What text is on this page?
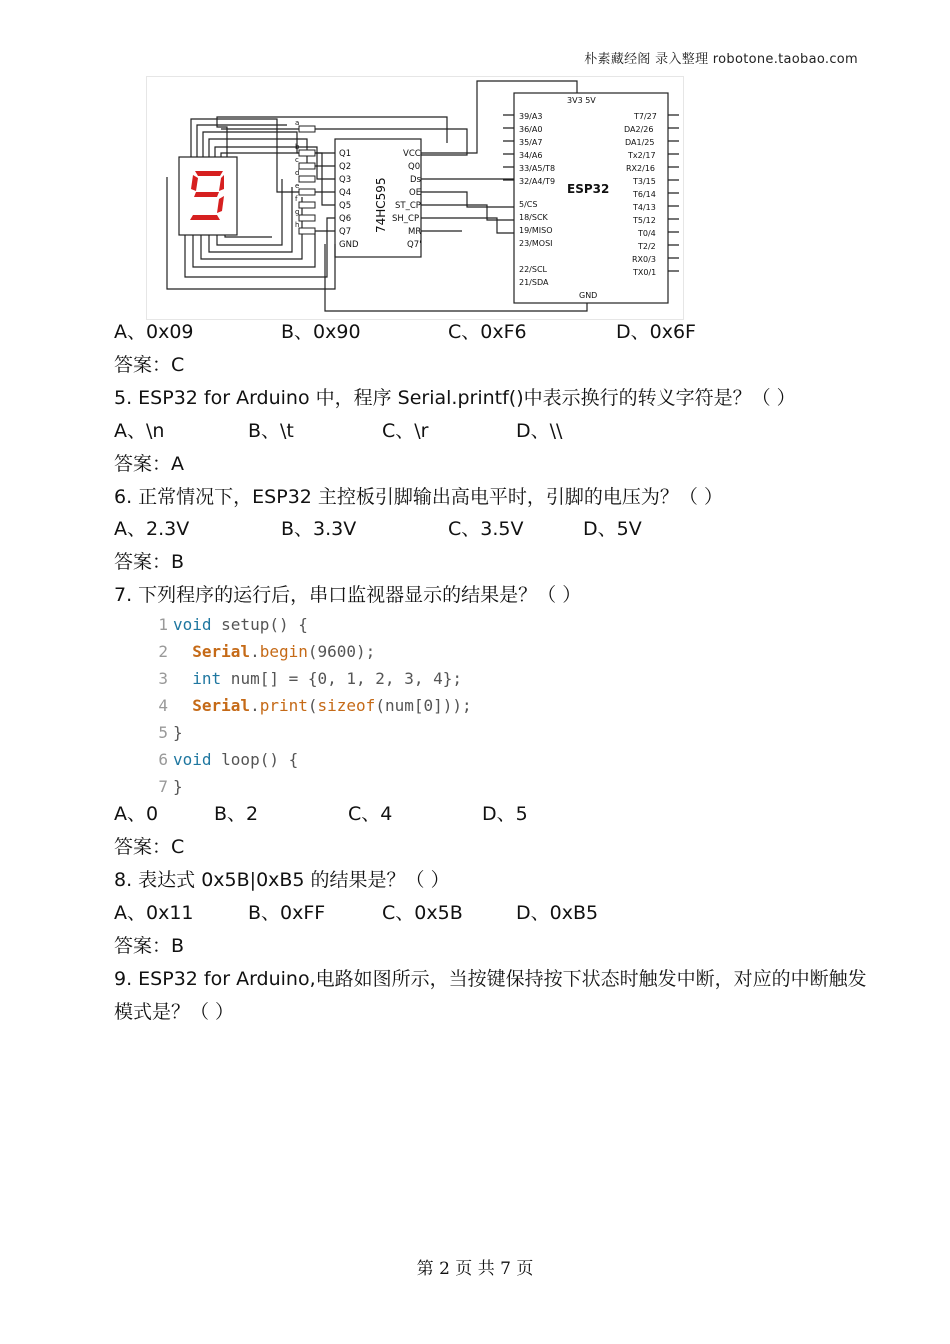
朴素藏经阁 录入整理 robotone.taobao.com
Q1
Q2
Q3
Q4
Q5
Q6
Q7
GND
VCC
Q0
Ds
OE
ST_CP
SH_CP
MR
Q7'
74HC595
3V3 5V
39/A3
36/A0
35/A7
34/A6
33/A5/T8
32/A4/T9
5/CS
18/SCK
19/MISO
23/MOSI
22/SCL
21/SDA
T7/27
DA2/26
DA1/25
Tx2/17
RX2/16
T3/15
T6/14
T4/13
T5/12
T0/4
T2/2
RX0/3
TX0/1
GND
ESP32
a
b
c
d
e
f
g
h
A、0x09	B、0x90	C、0xF6	D、0x6F
答案：C
5. ESP32 for Arduino 中，程序 Serial.printf()中表示换行的转义字符是？（ ）
A、\n	B、\t	C、\r	D、\\
答案：A
6. 正常情况下，ESP32 主控板引脚输出高电平时，引脚的电压为？（ ）
A、2.3V	B、3.3V	C、3.5V	D、5V
答案：B
7. 下列程序的运行后，串口监视器显示的结果是？（ ）
1 void setup() {
2	Serial.begin(9600);
3	int num[] = {0, 1, 2, 3, 4};
4	Serial.print(sizeof(num[0]));
5 }
6 void loop() {
7 }
A、0	B、2	C、4	D、5
答案：C
8. 表达式 0x5B|0xB5 的结果是？（ ）
A、0x11	B、0xFF	C、0x5B	D、0xB5
答案：B
9. ESP32 for Arduino,电路如图所示，当按键保持按下状态时触发中断，对应的中断触发
模式是？（ ）
第 2 页 共 7 页
